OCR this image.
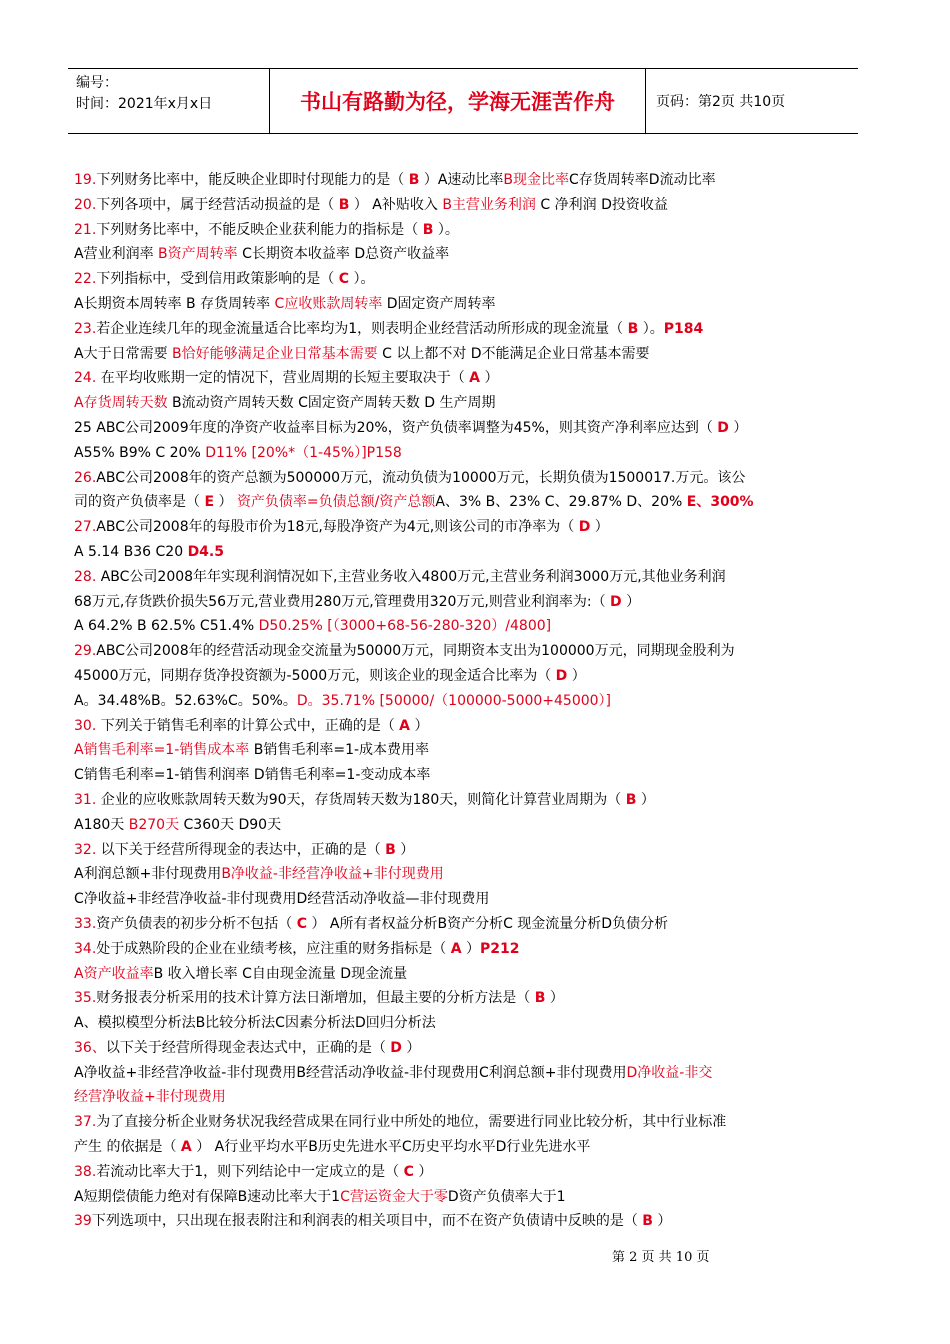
编号：
时间：2021年x月x日	书山有路勤为径，学海无涯苦作舟	页码：第2页 共10页
19.下列财务比率中，能反映企业即时付现能力的是（ B ）A速动比率B现金比率C存货周转率D流动比率
20.下列各项中，属于经营活动损益的是（ B ） A补贴收入 B主营业务利润 C 净利润 D投资收益
21.下列财务比率中，不能反映企业获利能力的指标是（ B ）。
A营业利润率 B资产周转率 C长期资本收益率 D总资产收益率
22.下列指标中，受到信用政策影响的是（ C ）。
A长期资本周转率 B 存货周转率 C应收账款周转率 D固定资产周转率
23.若企业连续几年的现金流量适合比率均为1，则表明企业经营活动所形成的现金流量（ B ）。P184
A大于日常需要 B恰好能够满足企业日常基本需要 C 以上都不对 D不能满足企业日常基本需要
24. 在平均收账期一定的情况下，营业周期的长短主要取决于（ A ）
A存货周转天数 B流动资产周转天数 C固定资产周转天数 D 生产周期
25 ABC公司2009年度的净资产收益率目标为20%，资产负债率调整为45%，则其资产净利率应达到（ D ）
A55% B9% C 20% D11% [20%*（1-45%）]P158
26.ABC公司2008年的资产总额为500000万元，流动负债为10000万元，长期负债为1500017.万元。该公
司的资产负债率是（ E ） 资产负债率=负债总额/资产总额A、3% B、23% C、29.87% D、20% E、300%
27.ABC公司2008年的每股市价为18元,每股净资产为4元,则该公司的市净率为（ D ）
A 5.14 B36 C20 D4.5
28. ABC公司2008年年实现利润情况如下,主营业务收入4800万元,主营业务利润3000万元,其他业务利润
68万元,存货跌价损失56万元,营业费用280万元,管理费用320万元,则营业利润率为:（ D ）
A 64.2% B 62.5% C51.4% D50.25% [（3000+68-56-280-320）/4800]
29.ABC公司2008年的经营活动现金交流量为50000万元，同期资本支出为100000万元，同期现金股利为
45000万元，同期存货净投资额为-5000万元，则该企业的现金适合比率为（ D ）
A。34.48%B。52.63%C。50%。D。35.71% [50000/（100000-5000+45000）]
30. 下列关于销售毛利率的计算公式中，正确的是（ A ）
A销售毛利率=1-销售成本率 B销售毛利率=1-成本费用率
C销售毛利率=1-销售利润率 D销售毛利率=1-变动成本率
31. 企业的应收账款周转天数为90天，存货周转天数为180天，则简化计算营业周期为（ B ）
A180天 B270天 C360天 D90天
32. 以下关于经营所得现金的表达中，正确的是（ B ）
A利润总额+非付现费用B净收益-非经营净收益+非付现费用
C净收益+非经营净收益-非付现费用D经营活动净收益—非付现费用
33.资产负债表的初步分析不包括（ C ） A所有者权益分析B资产分析C 现金流量分析D负债分析
34.处于成熟阶段的企业在业绩考核，应注重的财务指标是（ A ）P212
A资产收益率B 收入增长率 C自由现金流量 D现金流量
35.财务报表分析采用的技术计算方法日渐增加，但最主要的分析方法是（ B ）
A、模拟模型分析法B比较分析法C因素分析法D回归分析法
36、以下关于经营所得现金表达式中，正确的是（ D ）
A净收益+非经营净收益-非付现费用B经营活动净收益-非付现费用C利润总额+非付现费用D净收益-非交
经营净收益+非付现费用
37.为了直接分析企业财务状况我经营成果在同行业中所处的地位，需要进行同业比较分析，其中行业标准
产生 的依据是（ A ） A行业平均水平B历史先进水平C历史平均水平D行业先进水平
38.若流动比率大于1，则下列结论中一定成立的是（ C ）
A短期偿债能力绝对有保障B速动比率大于1C营运资金大于零D资产负债率大于1
39下列选项中，只出现在报表附注和利润表的相关项目中，而不在资产负债请中反映的是（ B ）
第 2 页 共 10 页
